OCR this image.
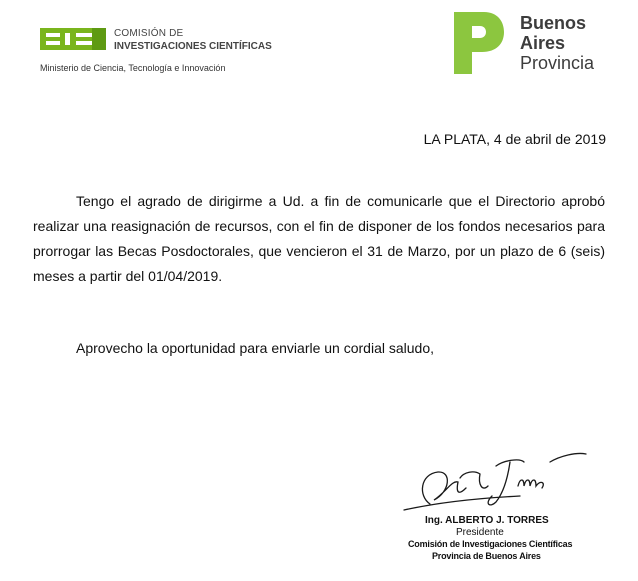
COMISIÓN DE
INVESTIGACIONES CIENTÍFICAS
Ministerio de Ciencia, Tecnología e Innovación
Buenos
Aires
Provincia
LA PLATA, 4 de abril de 2019

Tengo el agrado de dirigirme a Ud. a fin de comunicarle que el Directorio aprobó realizar una reasignación de recursos, con el fin de disponer de los fondos necesarios para prorrogar las Becas Posdoctorales, que vencieron el 31 de Marzo, por un plazo de 6 (seis) meses a partir del 01/04/2019.

Aprovecho la oportunidad para enviarle un cordial saludo,
Ing. ALBERTO J. TORRES
Presidente
Comisión de Investigaciones Científicas
Provincia de Buenos Aires
